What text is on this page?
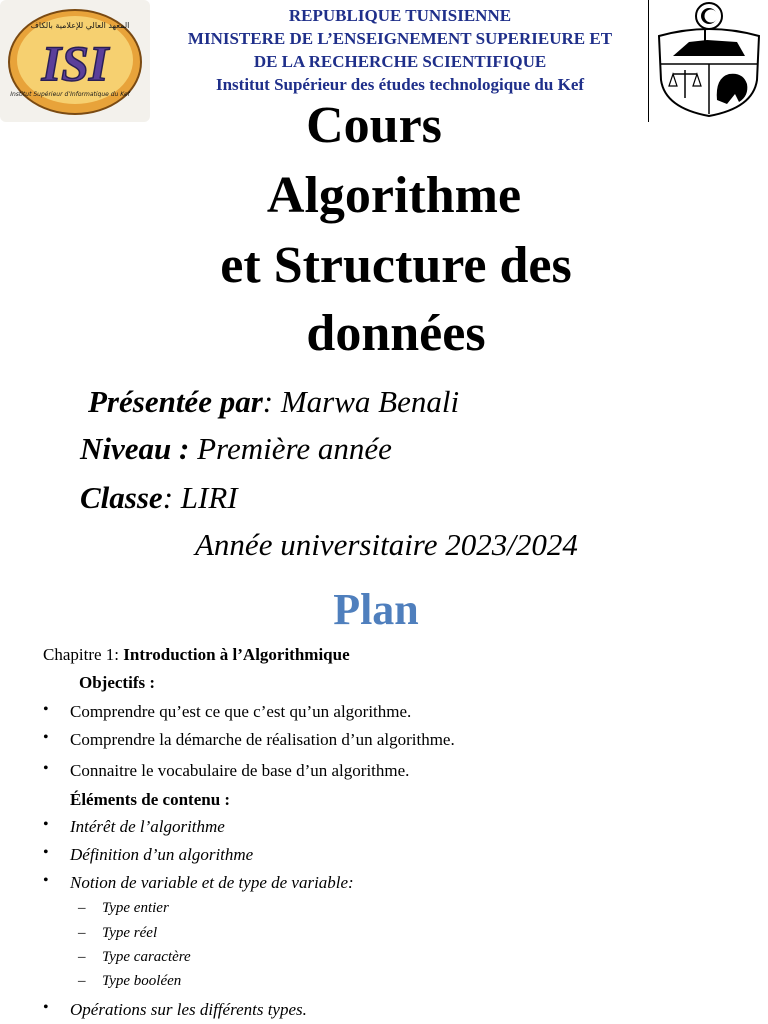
المعهد العالي للإعلامية بالكاف
ISI
Institut Supérieur d’Informatique du Kef
REPUBLIQUE TUNISIENNE
MINISTERE DE L’ENSEIGNEMENT SUPERIEURE ET
DE LA RECHERCHE SCIENTIFIQUE
Institut Supérieur des études technologique du Kef
Cours
Algorithme
et Structure des
données
Présentée par: Marwa Benali
Niveau : Première année
Classe: LIRI
Année universitaire 2023/2024
Plan
Chapitre 1: Introduction à l’Algorithmique
Objectifs :
• Comprendre qu’est ce que c’est qu’un algorithme.
• Comprendre la démarche de réalisation d’un algorithme.
• Connaitre le vocabulaire de base d’un algorithme.
Éléments de contenu :
• Intérêt de l’algorithme
• Définition d’un algorithme
• Notion de variable et de type de variable:
– Type entier
– Type réel
– Type caractère
– Type booléen
• Opérations sur les différents types.
